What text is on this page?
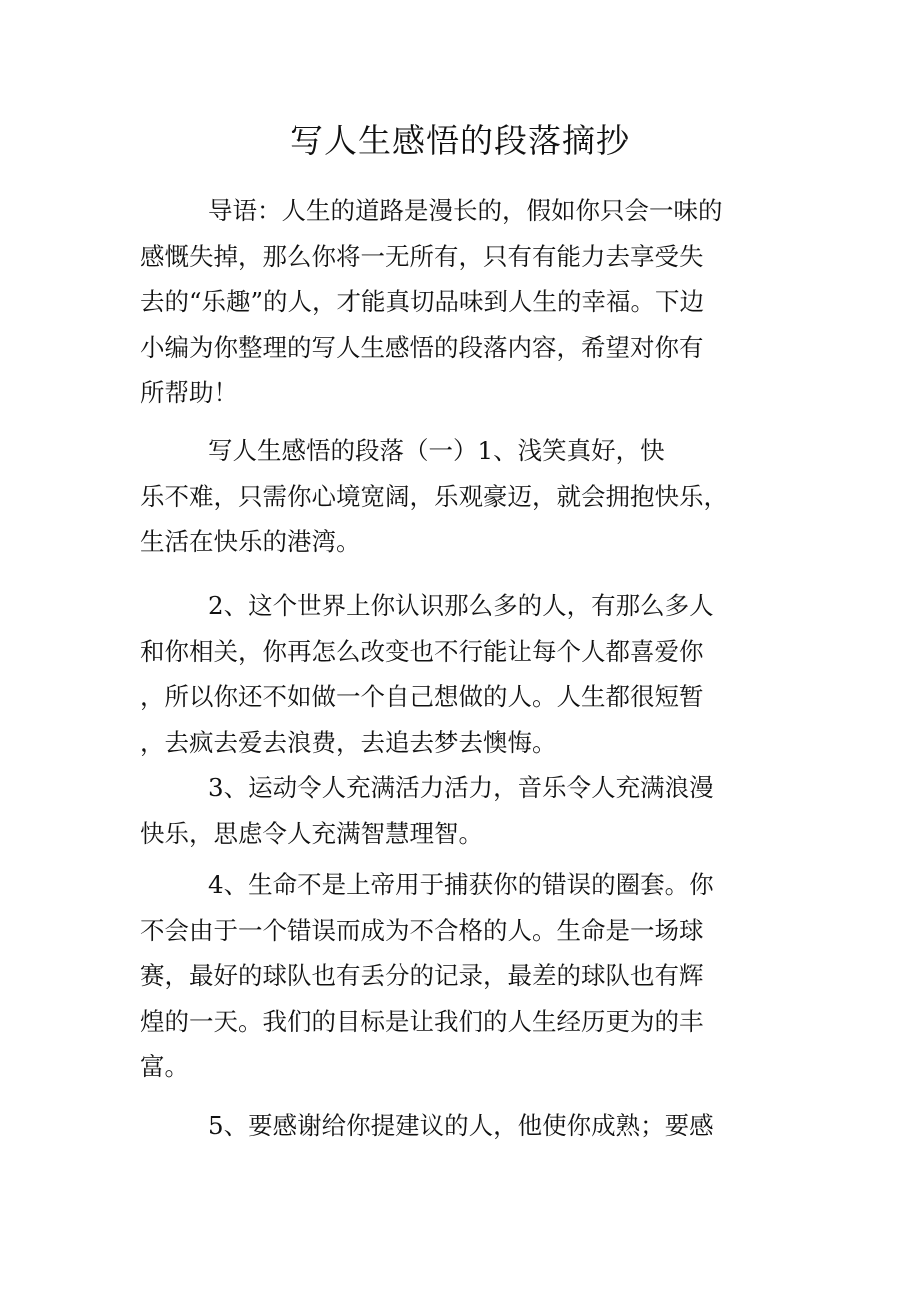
写人生感悟的段落摘抄
导语：人生的道路是漫长的，假如你只会一味的
感慨失掉，那么你将一无所有，只有有能力去享受失
去的“乐趣”的人，才能真切品味到人生的幸福。下边
小编为你整理的写人生感悟的段落内容，希望对你有
所帮助！
写人生感悟的段落（一）1、浅笑真好，快
乐不难，只需你心境宽阔，乐观豪迈，就会拥抱快乐，
生活在快乐的港湾。
2、这个世界上你认识那么多的人，有那么多人
和你相关，你再怎么改变也不行能让每个人都喜爱你
，所以你还不如做一个自己想做的人。人生都很短暂
，去疯去爱去浪费，去追去梦去懊悔。
3、运动令人充满活力活力，音乐令人充满浪漫
快乐，思虑令人充满智慧理智。
4、生命不是上帝用于捕获你的错误的圈套。你
不会由于一个错误而成为不合格的人。生命是一场球
赛，最好的球队也有丢分的记录，最差的球队也有辉
煌的一天。我们的目标是让我们的人生经历更为的丰
富。
5、要感谢给你提建议的人，他使你成熟；要感
